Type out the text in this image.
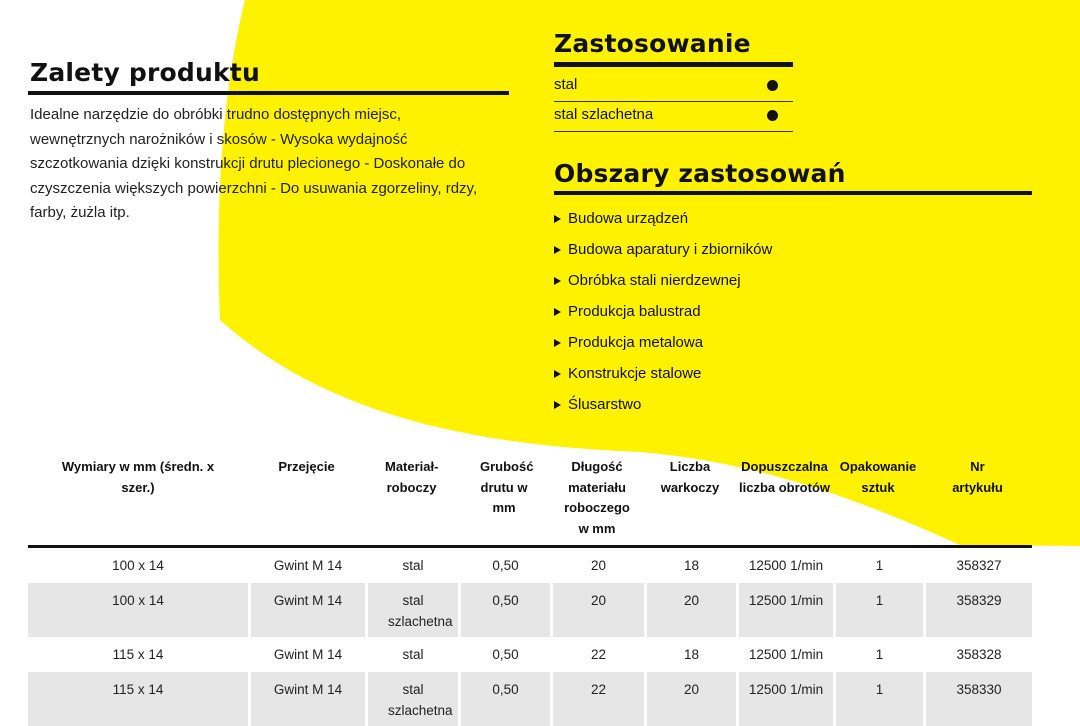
Zalety produktu
Idealne narzędzie do obróbki trudno dostępnych miejsc, wewnętrznych narożników i skosów - Wysoka wydajność szczotkowania dzięki konstrukcji drutu plecionego - Doskonałe do czyszczenia większych powierzchni - Do usuwania zgorzeliny, rdzy, farby, żużla itp.
Zastosowanie
stal
stal szlachetna
Obszary zastosowań
Budowa urządzeń
Budowa aparatury i zbiorników
Obróbka stali nierdzewnej
Produkcja balustrad
Produkcja metalowa
Konstrukcje stalowe
Ślusarstwo
Wymiary w mm (średn. x szer.)	Przejęcie	Materiał-roboczy	Grubość drutu w mm	Długość materiału roboczego w mm	Liczba warkoczy	Dopuszczalna liczba obrotów	Opakowanie sztuk	Nr artykułu
100 x 14	Gwint M 14	stal	0,50	20	18	12500 1/min	1	358327
100 x 14	Gwint M 14	stal szlachetna	0,50	20	20	12500 1/min	1	358329
115 x 14	Gwint M 14	stal	0,50	22	18	12500 1/min	1	358328
115 x 14	Gwint M 14	stal szlachetna	0,50	22	20	12500 1/min	1	358330
